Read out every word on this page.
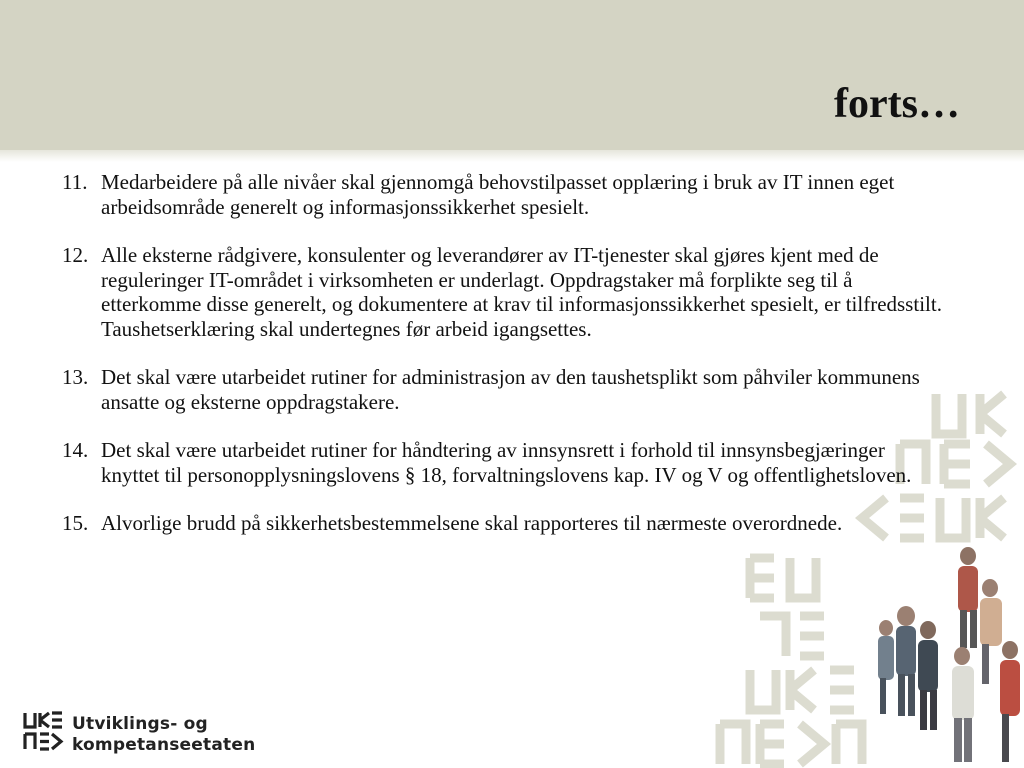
forts…
11. Medarbeidere på alle nivåer skal gjennomgå behovstilpasset opplæring i bruk av IT innen eget arbeidsområde generelt og informasjonssikkerhet spesielt.
12. Alle eksterne rådgivere, konsulenter og leverandører av IT-tjenester skal gjøres kjent med de reguleringer IT-området i virksomheten er underlagt. Oppdragstaker må forplikte seg til å etterkomme disse generelt, og dokumentere at krav til informasjonssikkerhet spesielt, er tilfredsstilt. Taushetserklæring skal undertegnes før arbeid igangsettes.
13. Det skal være utarbeidet rutiner for administrasjon av den taushetsplikt som påhviler kommunens ansatte og eksterne oppdragstakere.
14. Det skal være utarbeidet rutiner for håndtering av innsynsrett i forhold til innsynsbegjæringer knyttet til personopplysningslovens § 18, forvaltningslovens kap. IV og V og offentlighetsloven.
15. Alvorlige brudd på sikkerhetsbestemmelsene skal rapporteres til nærmeste overordnede.
Utviklings- og
kompetanseetaten
